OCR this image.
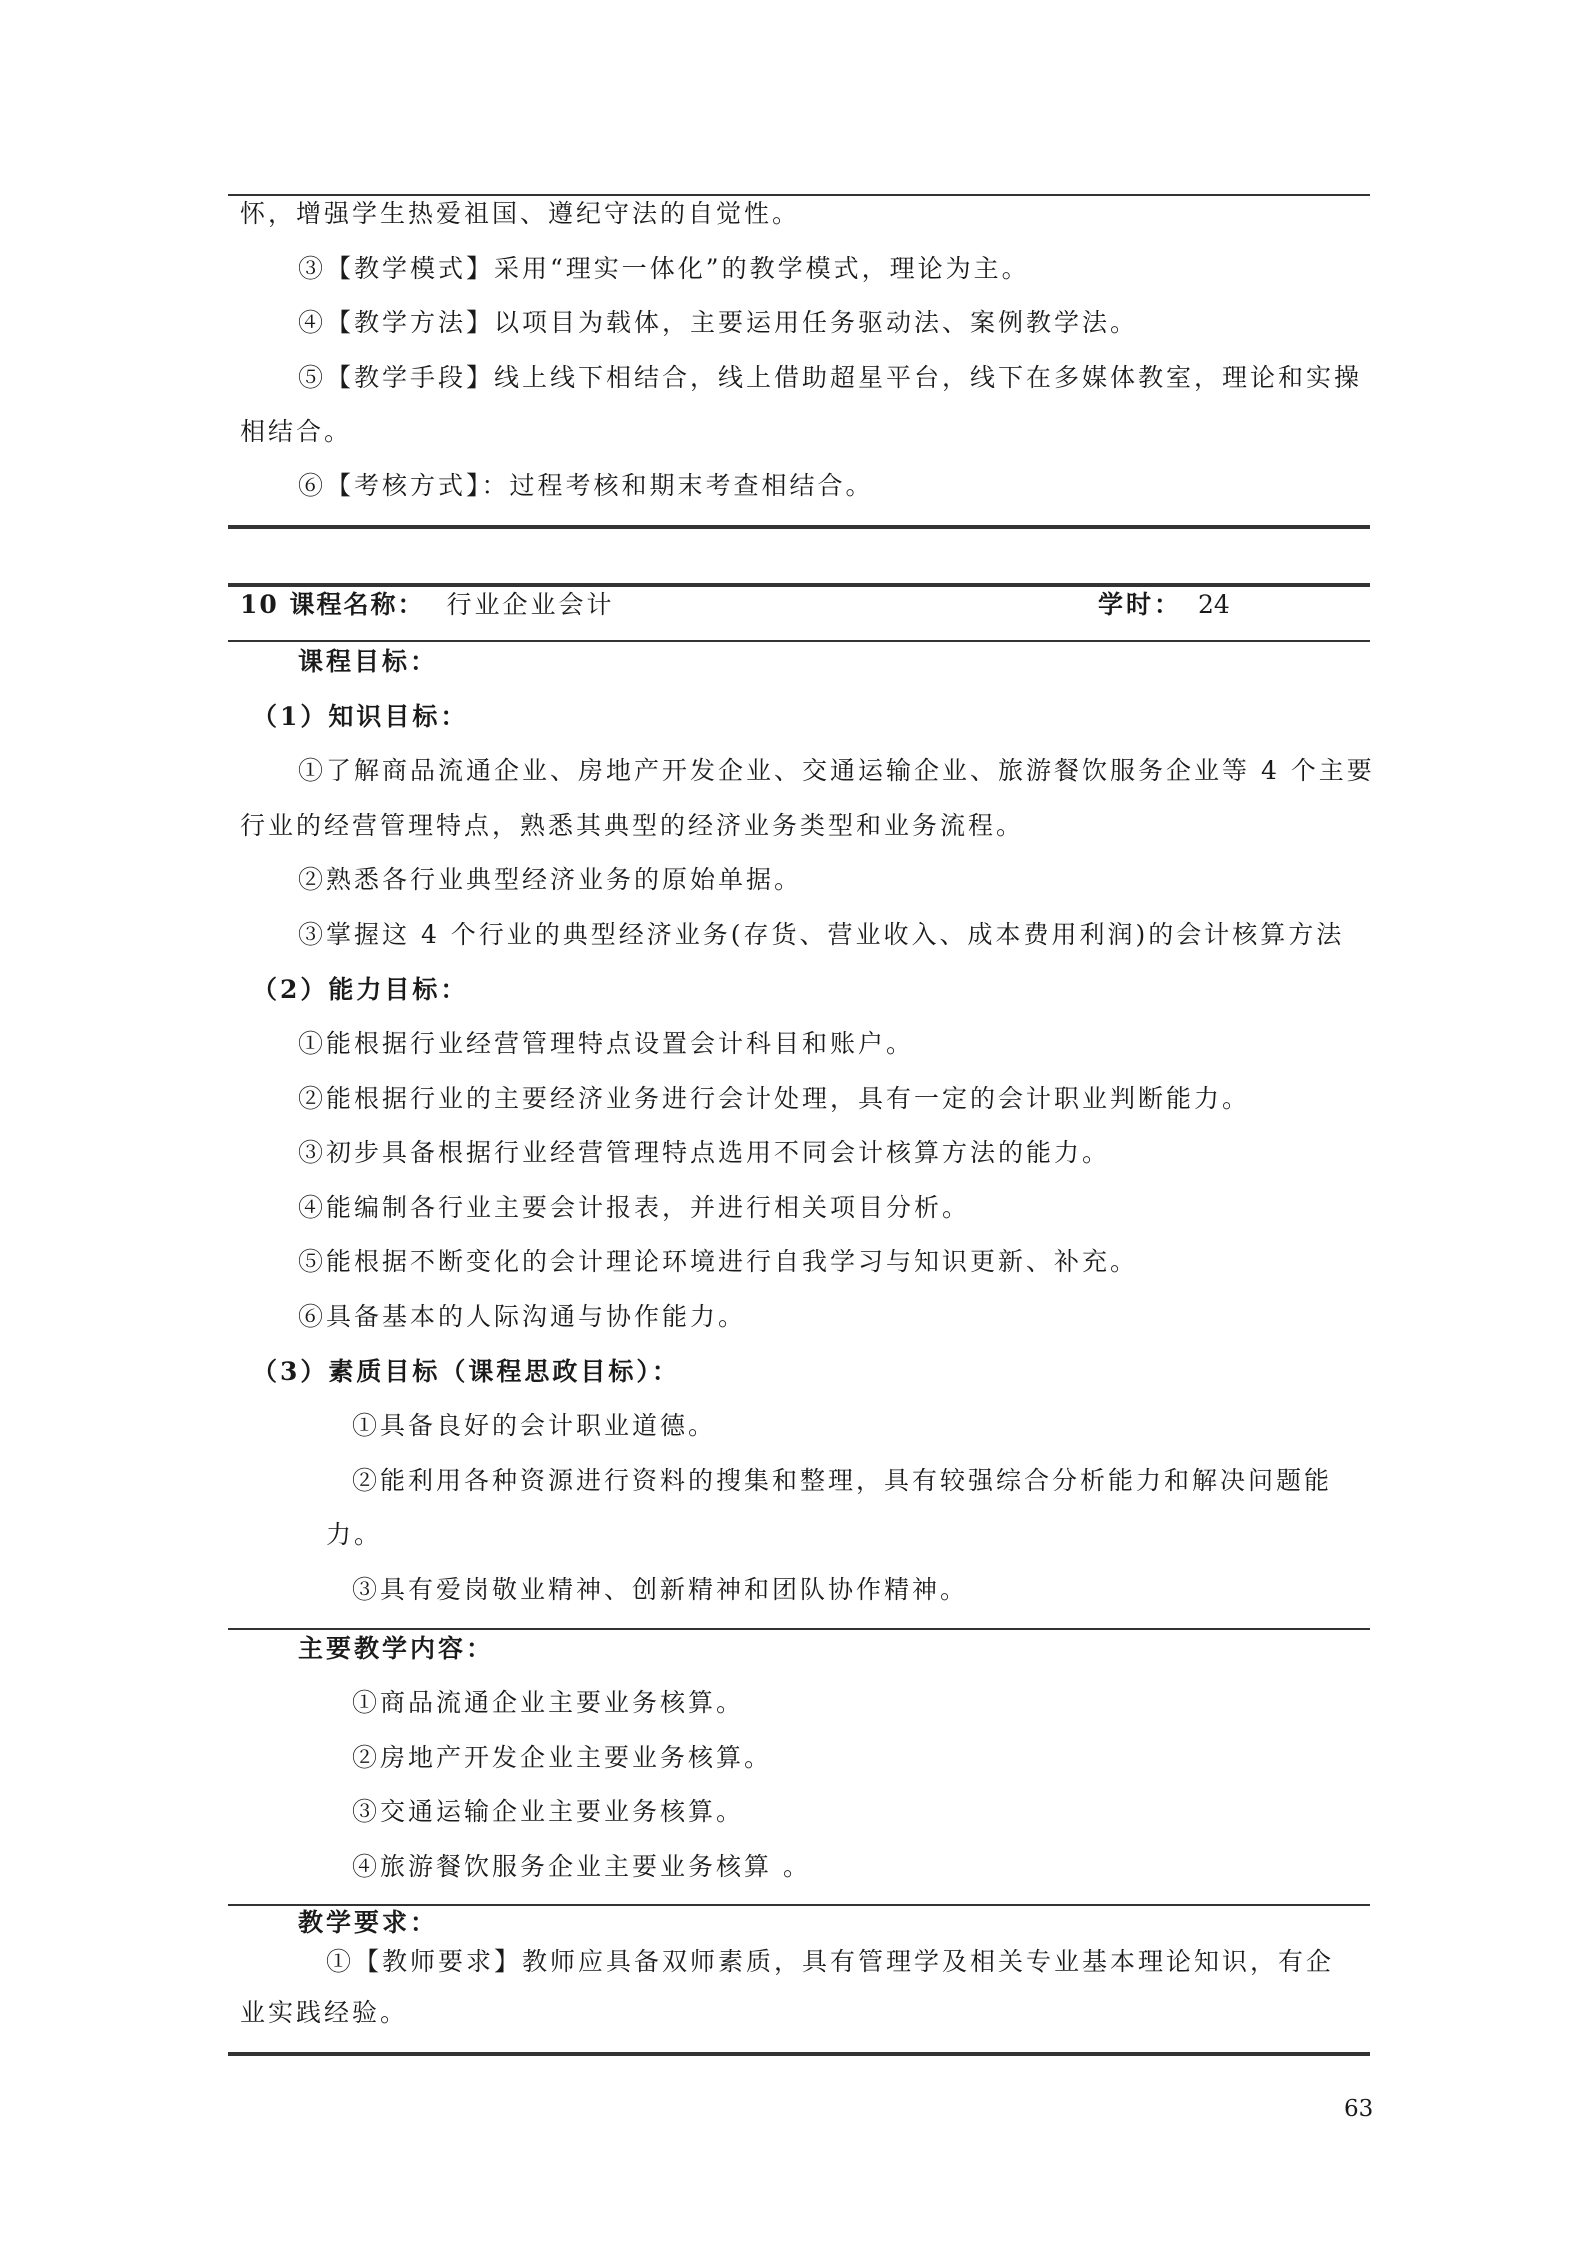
怀，增强学生热爱祖国、遵纪守法的自觉性。
③【教学模式】采用“理实一体化”的教学模式，理论为主。
④【教学方法】以项目为载体，主要运用任务驱动法、案例教学法。
⑤【教学手段】线上线下相结合，线上借助超星平台，线下在多媒体教室，理论和实操
相结合。
⑥【考核方式】：过程考核和期末考查相结合。
10 课程名称： 行业企业会计	学时： 24
课程目标：
（1）知识目标：
①了解商品流通企业、房地产开发企业、交通运输企业、旅游餐饮服务企业等 4 个主要
行业的经营管理特点，熟悉其典型的经济业务类型和业务流程。
②熟悉各行业典型经济业务的原始单据。
③掌握这 4 个行业的典型经济业务(存货、营业收入、成本费用利润)的会计核算方法
（2）能力目标：
①能根据行业经营管理特点设置会计科目和账户。
②能根据行业的主要经济业务进行会计处理，具有一定的会计职业判断能力。
③初步具备根据行业经营管理特点选用不同会计核算方法的能力。
④能编制各行业主要会计报表，并进行相关项目分析。
⑤能根据不断变化的会计理论环境进行自我学习与知识更新、补充。
⑥具备基本的人际沟通与协作能力。
（3）素质目标（课程思政目标）：
①具备良好的会计职业道德。
②能利用各种资源进行资料的搜集和整理，具有较强综合分析能力和解决问题能
力。
③具有爱岗敬业精神、创新精神和团队协作精神。
主要教学内容：
①商品流通企业主要业务核算。
②房地产开发企业主要业务核算。
③交通运输企业主要业务核算。
④旅游餐饮服务企业主要业务核算 。
教学要求：
①【教师要求】教师应具备双师素质，具有管理学及相关专业基本理论知识，有企
业实践经验。
63
